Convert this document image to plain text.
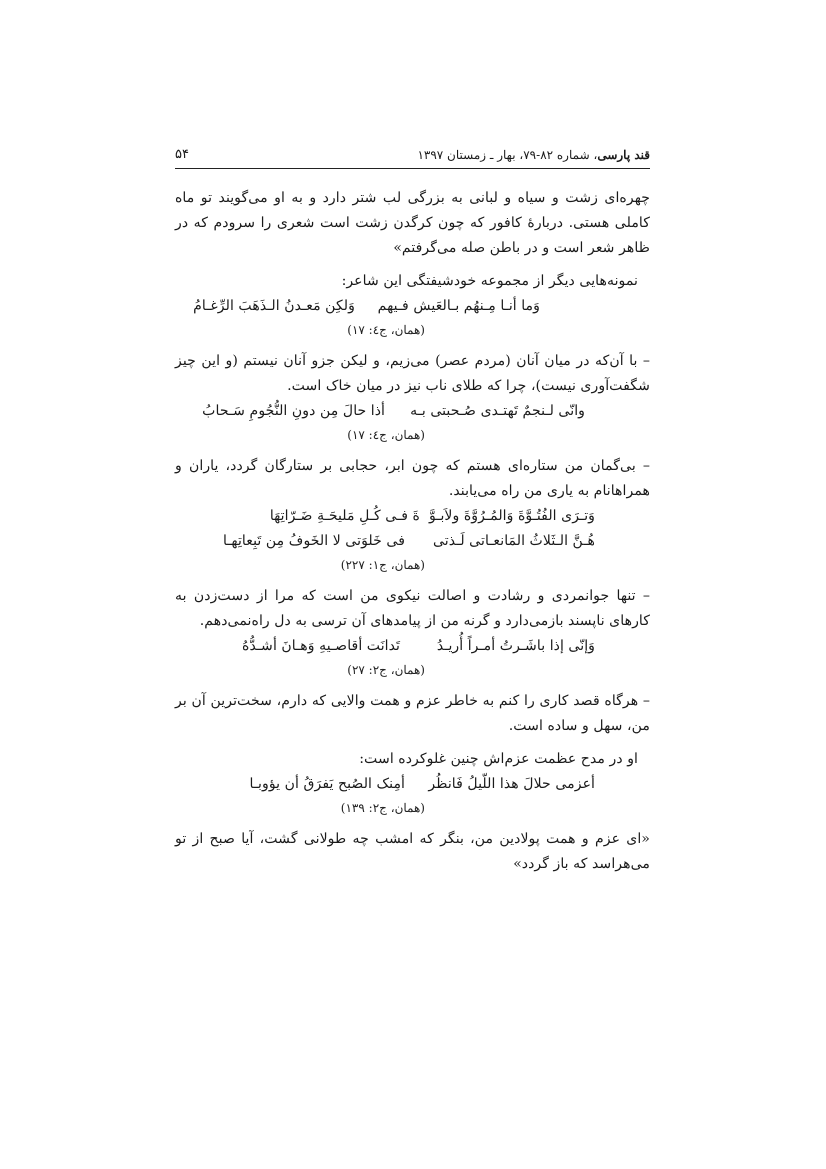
قند پارسی، شماره ۸۲-۷۹، بهار ـ زمستان ۱۳۹۷
۵۴

چهره‌ای زشت و سیاه و لبانی به بزرگی لب شتر دارد و به او می‌گویند تو ماه کاملی هستی. دربارهٔ کافور که چون کرگدن زشت است شعری را سرودم که در ظاهر شعر است و در باطن صله می‌گرفتم»

نمونه‌هایی دیگر از مجموعه خودشیفتگی این شاعر:

وَما أنـا مِـنهُم بـالعَیش فـیهم
وَلکِن مَعـدنُ الـذَهَبَ الرِّغـامُ
(همان، ج٤: ١٧)

– با آن‌که در میان آنان (مردم عصر) می‌زیم، و لیکن جزو آنان نیستم (و این چیز شگفت‌آوری نیست)، چرا که طلای ناب نیز در میان خاک است.

وانّی لـنجمٌ تَهتـدی صُـحبتی بـه
أذا حالَ مِن دونِ النُّجُومِ سَـحابُ
(همان، ج٤: ١٧)

– بی‌گمان من ستاره‌ای هستم که چون ابر، حجابی بر ستارگان گردد، یاران و همراهانام به یاری من راه می‌یابند.

وَتـرَی الفُتُـوَّةَ وَالمُـرُوَّةَ ولاَبـوَّ
ةَ فـی کُـلِ مَلیحَـةِ ضَـرّاتِهَا
هُـنَّ الـثَلاثُ المَانعـاتی لَـذتی
فی خَلوَتی لا الخَوفُ مِن تَبِعاتِهـا
(همان، ج١: ٢٢٧)

– تنها جوانمردی و رشادت و اصالت نیکوی من است که مرا از دست‌زدن به کارهای ناپسند بازمی‌دارد و گرنه من از پیامدهای آن ترسی به دل راه‌نمی‌دهم.

وَإنّی إذا باشَـرتُ أمـراً أُریـدُ
تَدانَت أقاصـیهِ وَهـانَ أشـدُّهُ
(همان، ج٢: ٢٧)

– هرگاه قصد کاری را کنم به خاطر عزم و همت والایی که دارم، سخت‌ترین آن بر من، سهل و ساده است.

او در مدح عظمت عزم‌اش چنین غلوکرده است:

أعزمی حلالَ هذا اللّیلُ فَانظُر
أمِنک الصُبح یَفرَقُ أن یؤوبـا
(همان، ج٢: ١٣٩)

«ای عزم و همت پولادین من، بنگر که امشب چه طولانی گشت، آیا صبح از تو می‌هراسد که باز گردد»
